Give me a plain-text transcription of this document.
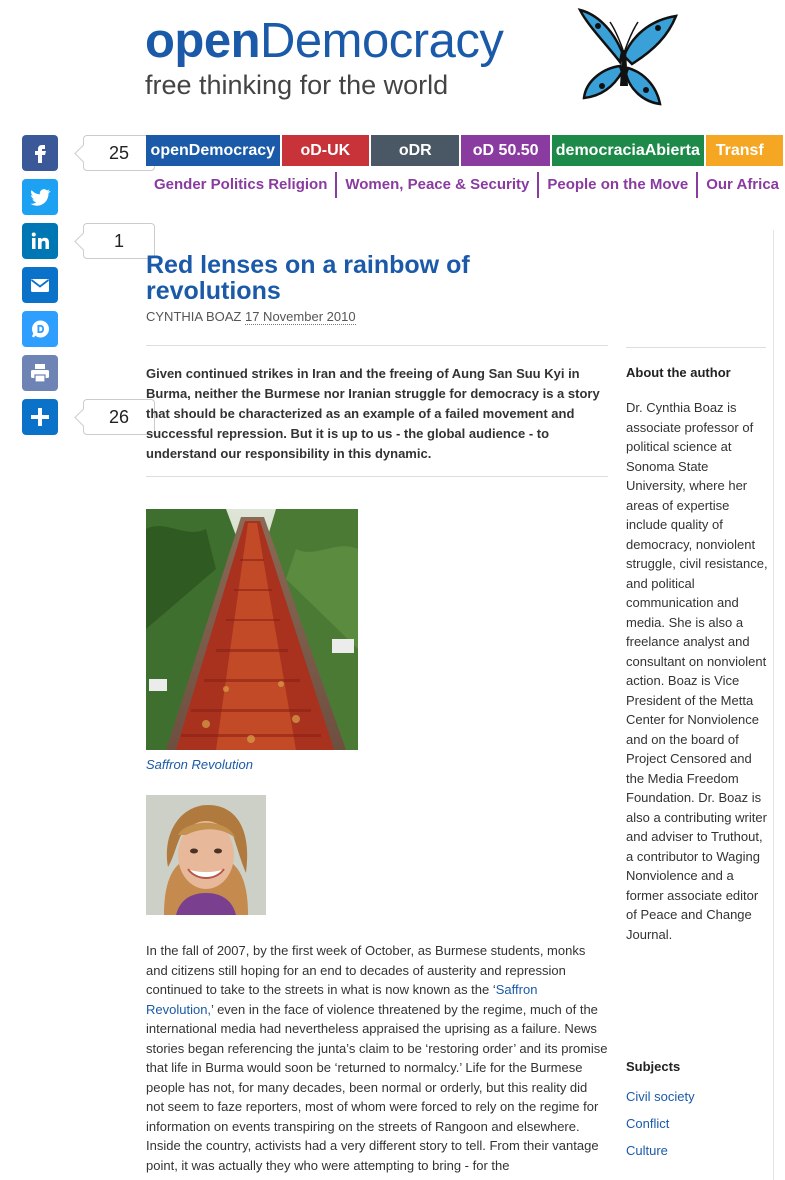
openDemocracy
free thinking for the world
25
1
26
openDemocracy	oD-UK	oDR	oD 50.50	democraciaAbierta Transf
Gender Politics Religion	Women, Peace & Security	People on the Move	Our Africa
Red lenses on a rainbow of revolutions
CYNTHIA BOAZ 17 November 2010

Given continued strikes in Iran and the freeing of Aung San Suu Kyi in Burma, neither the Burmese nor Iranian struggle for democracy is a story that should be characterized as an example of a failed movement and successful repression. But it is up to us - the global audience - to understand our responsibility in this dynamic.

Saffron Revolution

In the fall of 2007, by the first week of October, as Burmese students, monks and citizens still hoping for an end to decades of austerity and repression continued to take to the streets in what is now known as the ‘Saffron Revolution,’ even in the face of violence threatened by the regime, much of the international media had nevertheless appraised the uprising as a failure. News stories began referencing the junta’s claim to be ‘restoring order’ and its promise that life in Burma would soon be ‘returned to normalcy.’ Life for the Burmese people has not, for many decades, been normal or orderly, but this reality did not seem to faze reporters, most of whom were forced to rely on the regime for information on events transpiring on the streets of Rangoon and elsewhere. Inside the country, activists had a very different story to tell. From their vantage point, it was actually they who were attempting to bring - for the

About the author

Dr. Cynthia Boaz is associate professor of political science at Sonoma State University, where her areas of expertise include quality of democracy, nonviolent struggle, civil resistance, and political communication and media. She is also a freelance analyst and consultant on nonviolent action. Boaz is Vice President of the Metta Center for Nonviolence and on the board of Project Censored and the Media Freedom Foundation. Dr. Boaz is also a contributing writer and adviser to Truthout, a contributor to Waging Nonviolence and a former associate editor of Peace and Change Journal.

Subjects
Civil society
Conflict
Culture
